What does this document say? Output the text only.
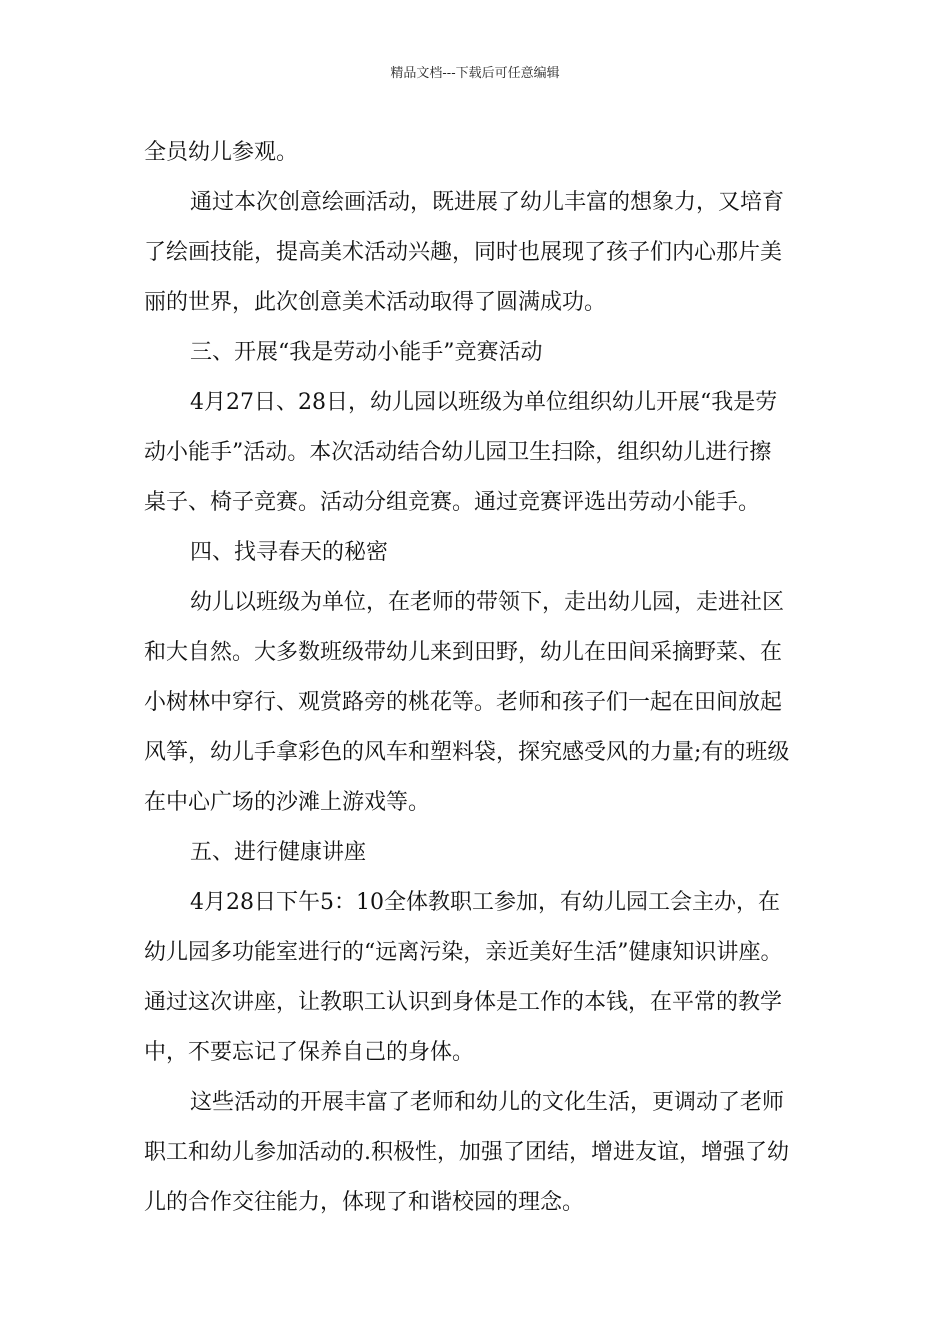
精品文档---下载后可任意编辑
全员幼儿参观。
通过本次创意绘画活动，既进展了幼儿丰富的想象力，又培育
了绘画技能，提高美术活动兴趣，同时也展现了孩子们内心那片美
丽的世界，此次创意美术活动取得了圆满成功。
三、开展“我是劳动小能手”竞赛活动
4月27日、28日，幼儿园以班级为单位组织幼儿开展“我是劳
动小能手”活动。本次活动结合幼儿园卫生扫除，组织幼儿进行擦
桌子、椅子竞赛。活动分组竞赛。通过竞赛评选出劳动小能手。
四、找寻春天的秘密
幼儿以班级为单位，在老师的带领下，走出幼儿园，走进社区
和大自然。大多数班级带幼儿来到田野，幼儿在田间采摘野菜、在
小树林中穿行、观赏路旁的桃花等。老师和孩子们一起在田间放起
风筝，幼儿手拿彩色的风车和塑料袋，探究感受风的力量;有的班级
在中心广场的沙滩上游戏等。
五、进行健康讲座
4月28日下午5：10全体教职工参加，有幼儿园工会主办，在
幼儿园多功能室进行的“远离污染，亲近美好生活”健康知识讲座。
通过这次讲座，让教职工认识到身体是工作的本钱，在平常的教学
中，不要忘记了保养自己的身体。
这些活动的开展丰富了老师和幼儿的文化生活，更调动了老师
职工和幼儿参加活动的.积极性，加强了团结，增进友谊，增强了幼
儿的合作交往能力，体现了和谐校园的理念。
